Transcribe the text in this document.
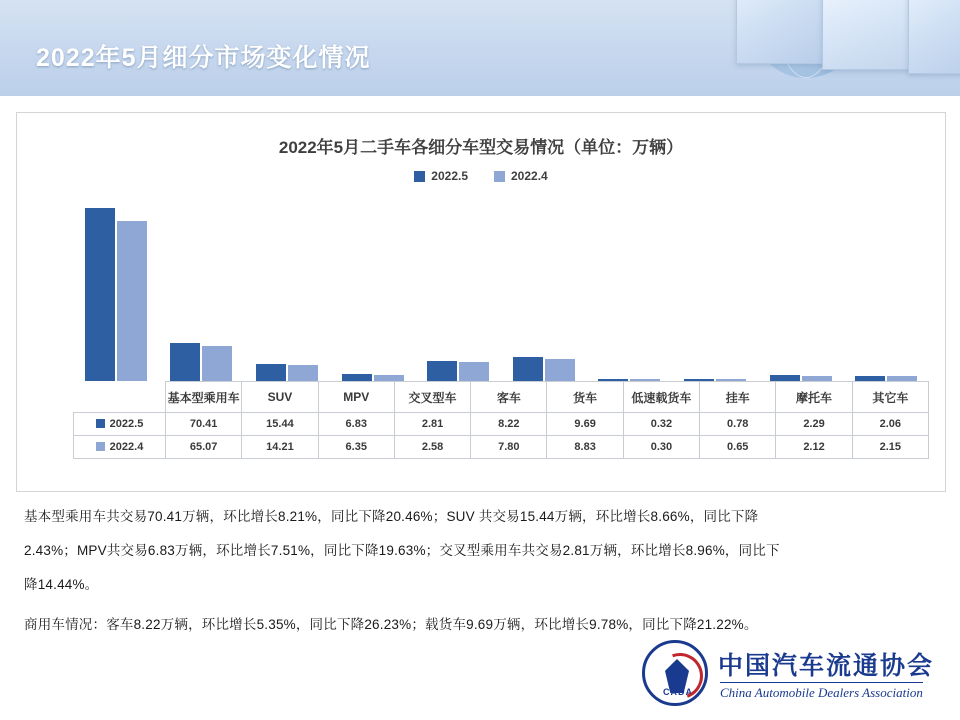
2022年5月细分市场变化情况
2022年5月二手车各细分车型交易情况（单位：万辆）
2022.5	2022.4
	基本型乘用车	SUV	MPV	交叉型车	客车	货车	低速载货车	挂车	摩托车	其它车
2022.5	70.41	15.44	6.83	2.81	8.22	9.69	0.32	0.78	2.29	2.06
2022.4	65.07	14.21	6.35	2.58	7.80	8.83	0.30	0.65	2.12	2.15
基本型乘用车共交易70.41万辆，环比增长8.21%，同比下降20.46%；SUV 共交易15.44万辆，环比增长8.66%，同比下降
2.43%；MPV共交易6.83万辆，环比增长7.51%，同比下降19.63%；交叉型乘用车共交易2.81万辆，环比增长8.96%，同比下
降14.44%。
商用车情况：客车8.22万辆，环比增长5.35%，同比下降26.23%；载货车9.69万辆，环比增长9.78%，同比下降21.22%。
CADA
中国汽车流通协会
China Automobile Dealers Association
